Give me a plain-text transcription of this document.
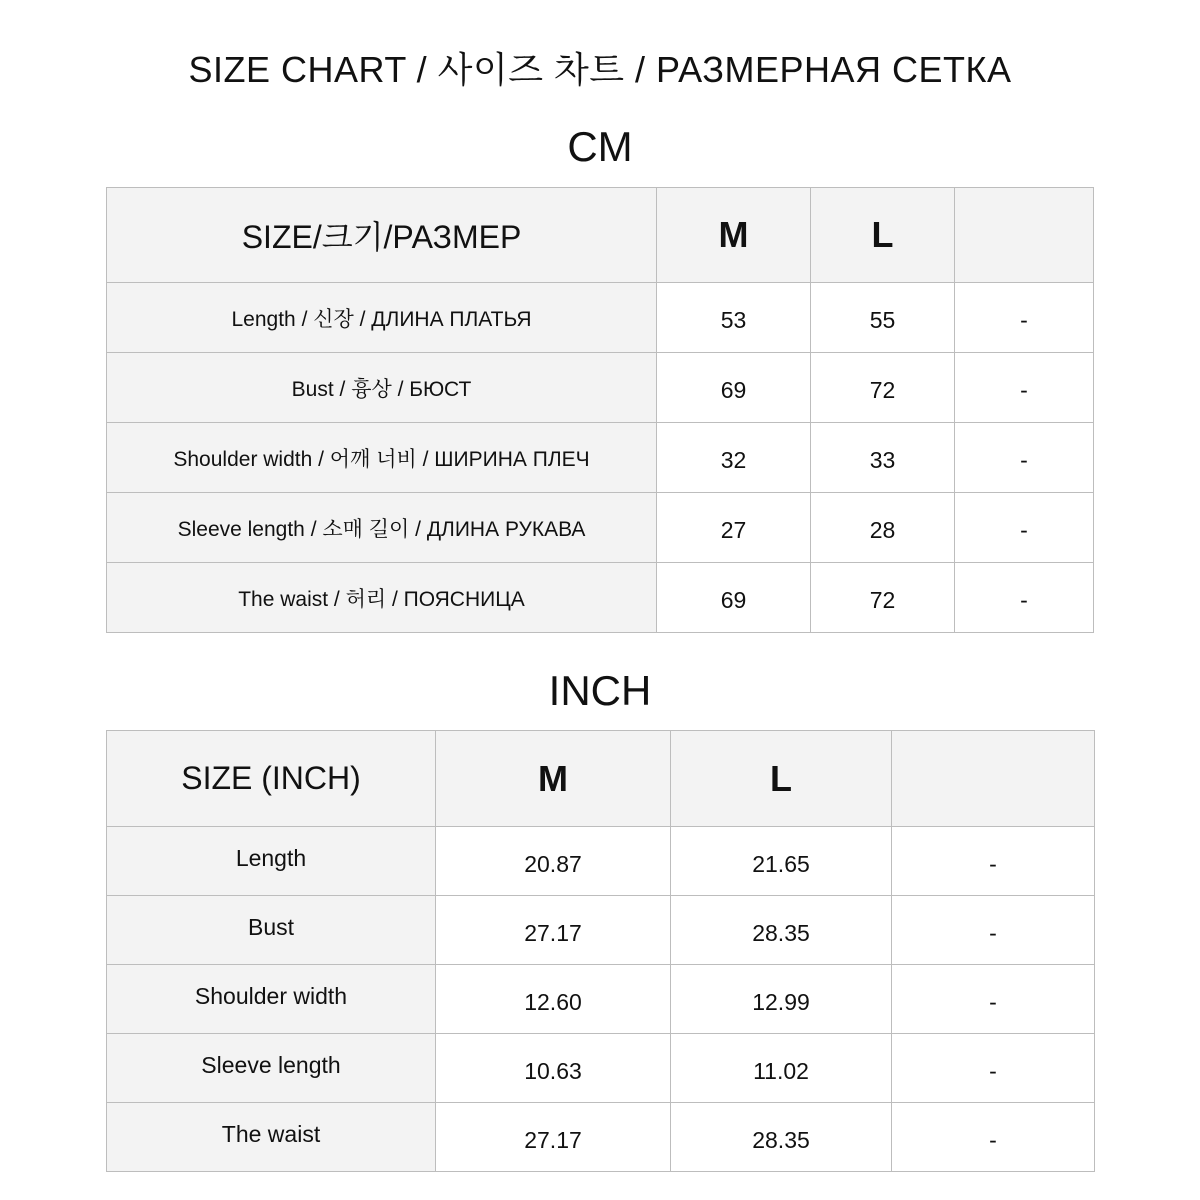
SIZE CHART / 사이즈 차트 / РАЗМЕРНАЯ СЕТКА
CM
SIZE/크기/РАЗМЕР	M	L	
Length / 신장 / ДЛИНА ПЛАТЬЯ	53	55	-
Bust / 흉상 / БЮСТ	69	72	-
Shoulder width / 어깨 너비 / ШИРИНА ПЛЕЧ	32	33	-
Sleeve length / 소매 길이 / ДЛИНА РУКАВА	27	28	-
The waist / 허리 / ПОЯСНИЦА	69	72	-
INCH
SIZE (INCH)	M	L	
Length	20.87	21.65	-
Bust	27.17	28.35	-
Shoulder width	12.60	12.99	-
Sleeve length	10.63	11.02	-
The waist	27.17	28.35	-
